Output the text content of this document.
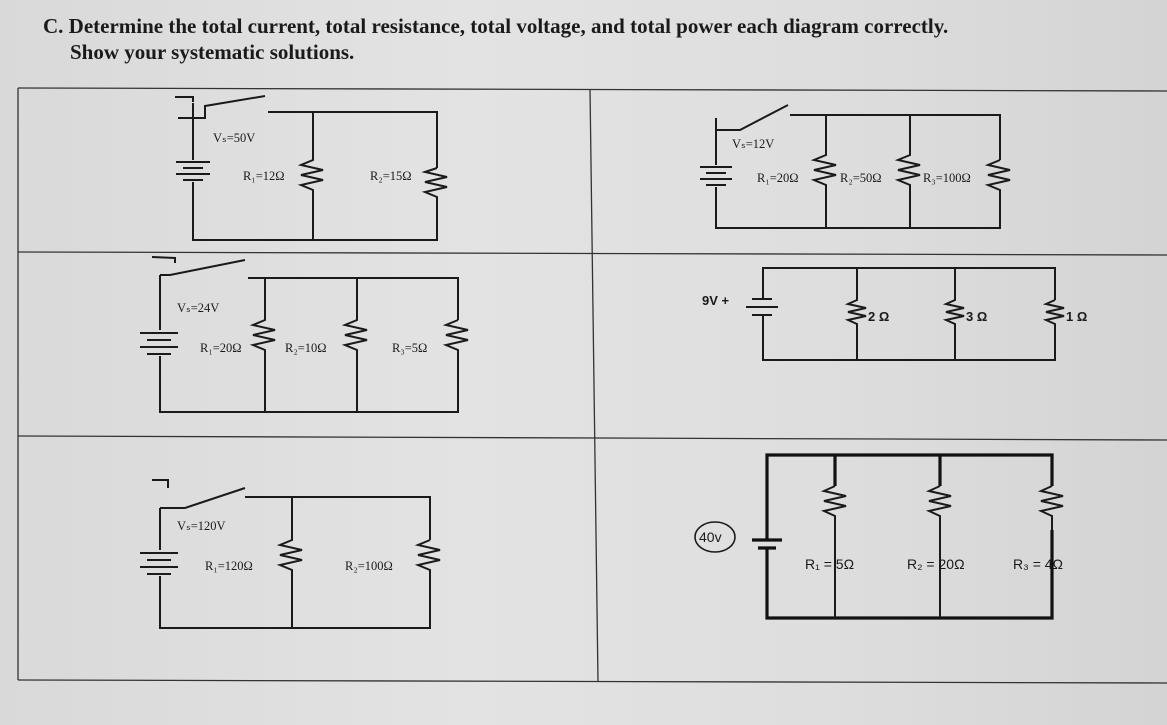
C. Determine the total current, total resistance, total voltage, and total power each diagram correctly.
Show your systematic solutions.
Vₛ=50V
R₁=12Ω	R₂=15Ω
Vₛ=12V
R₁=20Ω	R₂=50Ω	R₃=100Ω
Vₛ=24V
R₁=20Ω	R₂=10Ω	R₃=5Ω
9V +
2 Ω	3 Ω	1 Ω
Vₛ=120V
R₁=120Ω	R₂=100Ω
40v
R₁ = 5Ω	R₂ = 20Ω	R₃ = 4Ω
